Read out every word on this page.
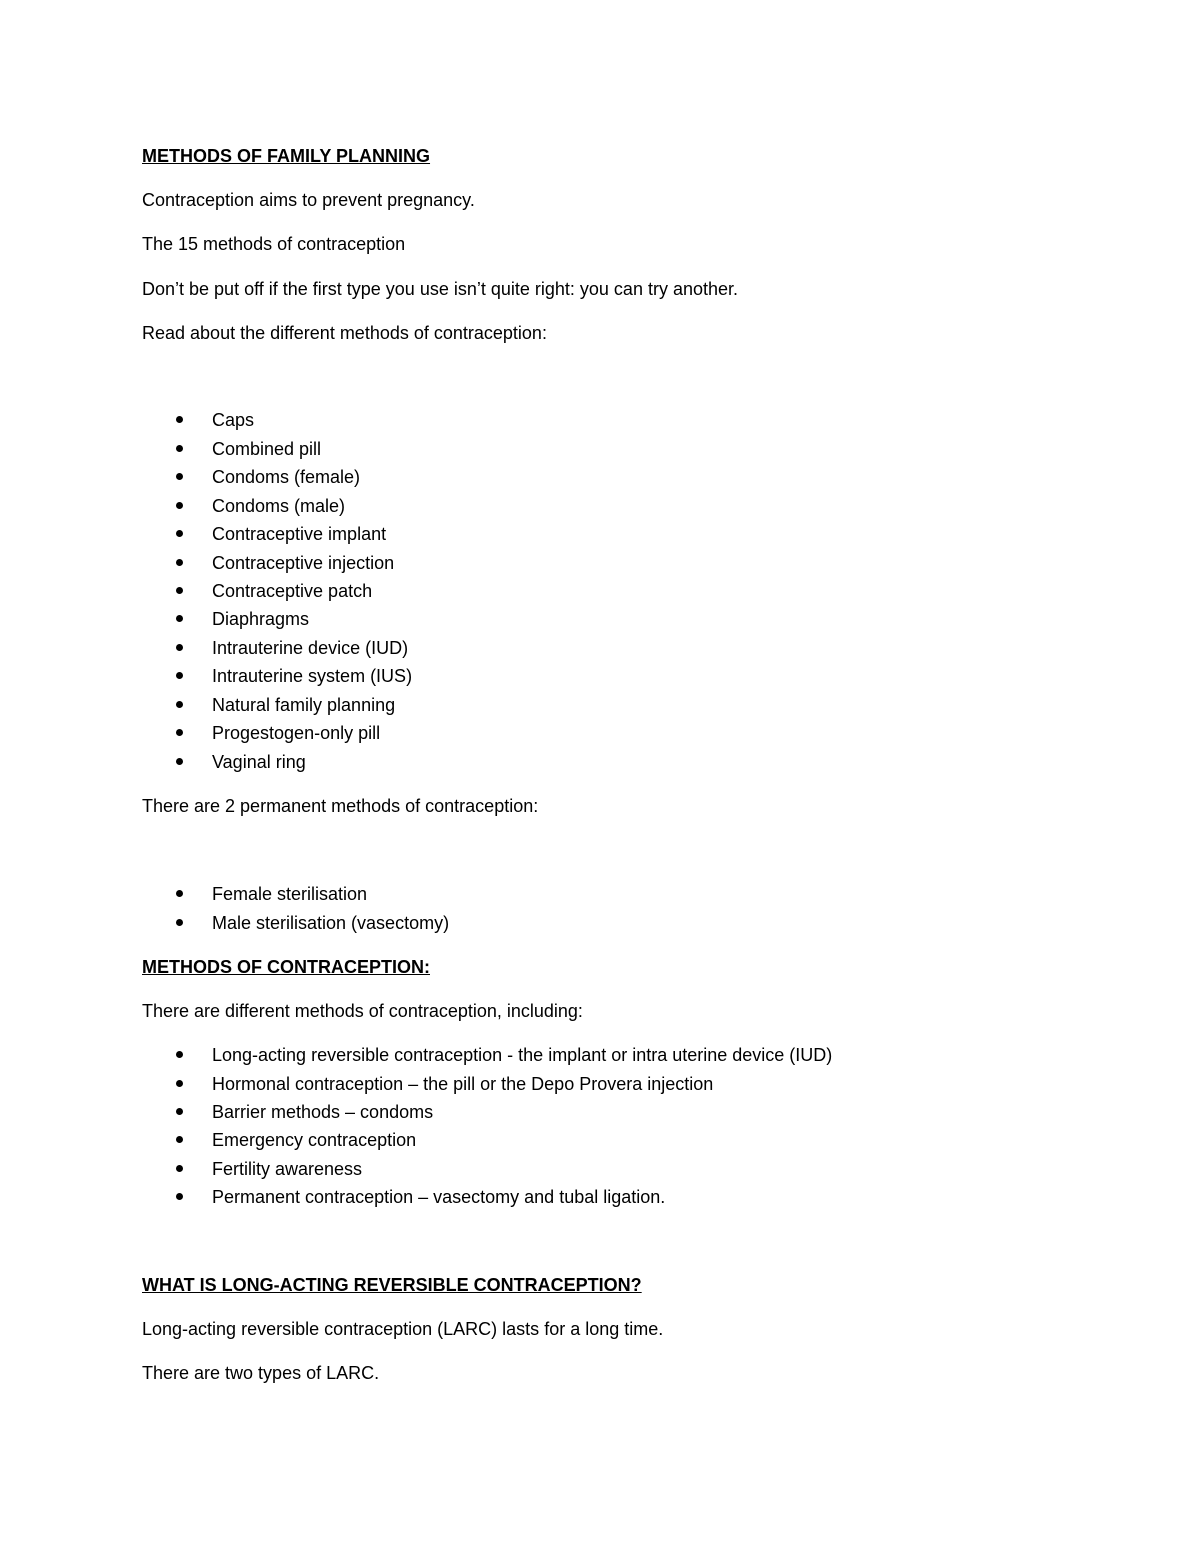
METHODS OF FAMILY PLANNING
Contraception aims to prevent pregnancy.
The 15 methods of contraception
Don’t be put off if the first type you use isn’t quite right: you can try another.
Read about the different methods of contraception:
Caps
Combined pill
Condoms (female)
Condoms (male)
Contraceptive implant
Contraceptive injection
Contraceptive patch
Diaphragms
Intrauterine device (IUD)
Intrauterine system (IUS)
Natural family planning
Progestogen-only pill
Vaginal ring
There are 2 permanent methods of contraception:
Female sterilisation
Male sterilisation (vasectomy)
METHODS OF CONTRACEPTION:
There are different methods of contraception, including:
Long-acting reversible contraception - the implant or intra uterine device (IUD)
Hormonal contraception – the pill or the Depo Provera injection
Barrier methods – condoms
Emergency contraception
Fertility awareness
Permanent contraception – vasectomy and tubal ligation.
WHAT IS LONG-ACTING REVERSIBLE CONTRACEPTION?
Long-acting reversible contraception (LARC) lasts for a long time.
There are two types of LARC.
